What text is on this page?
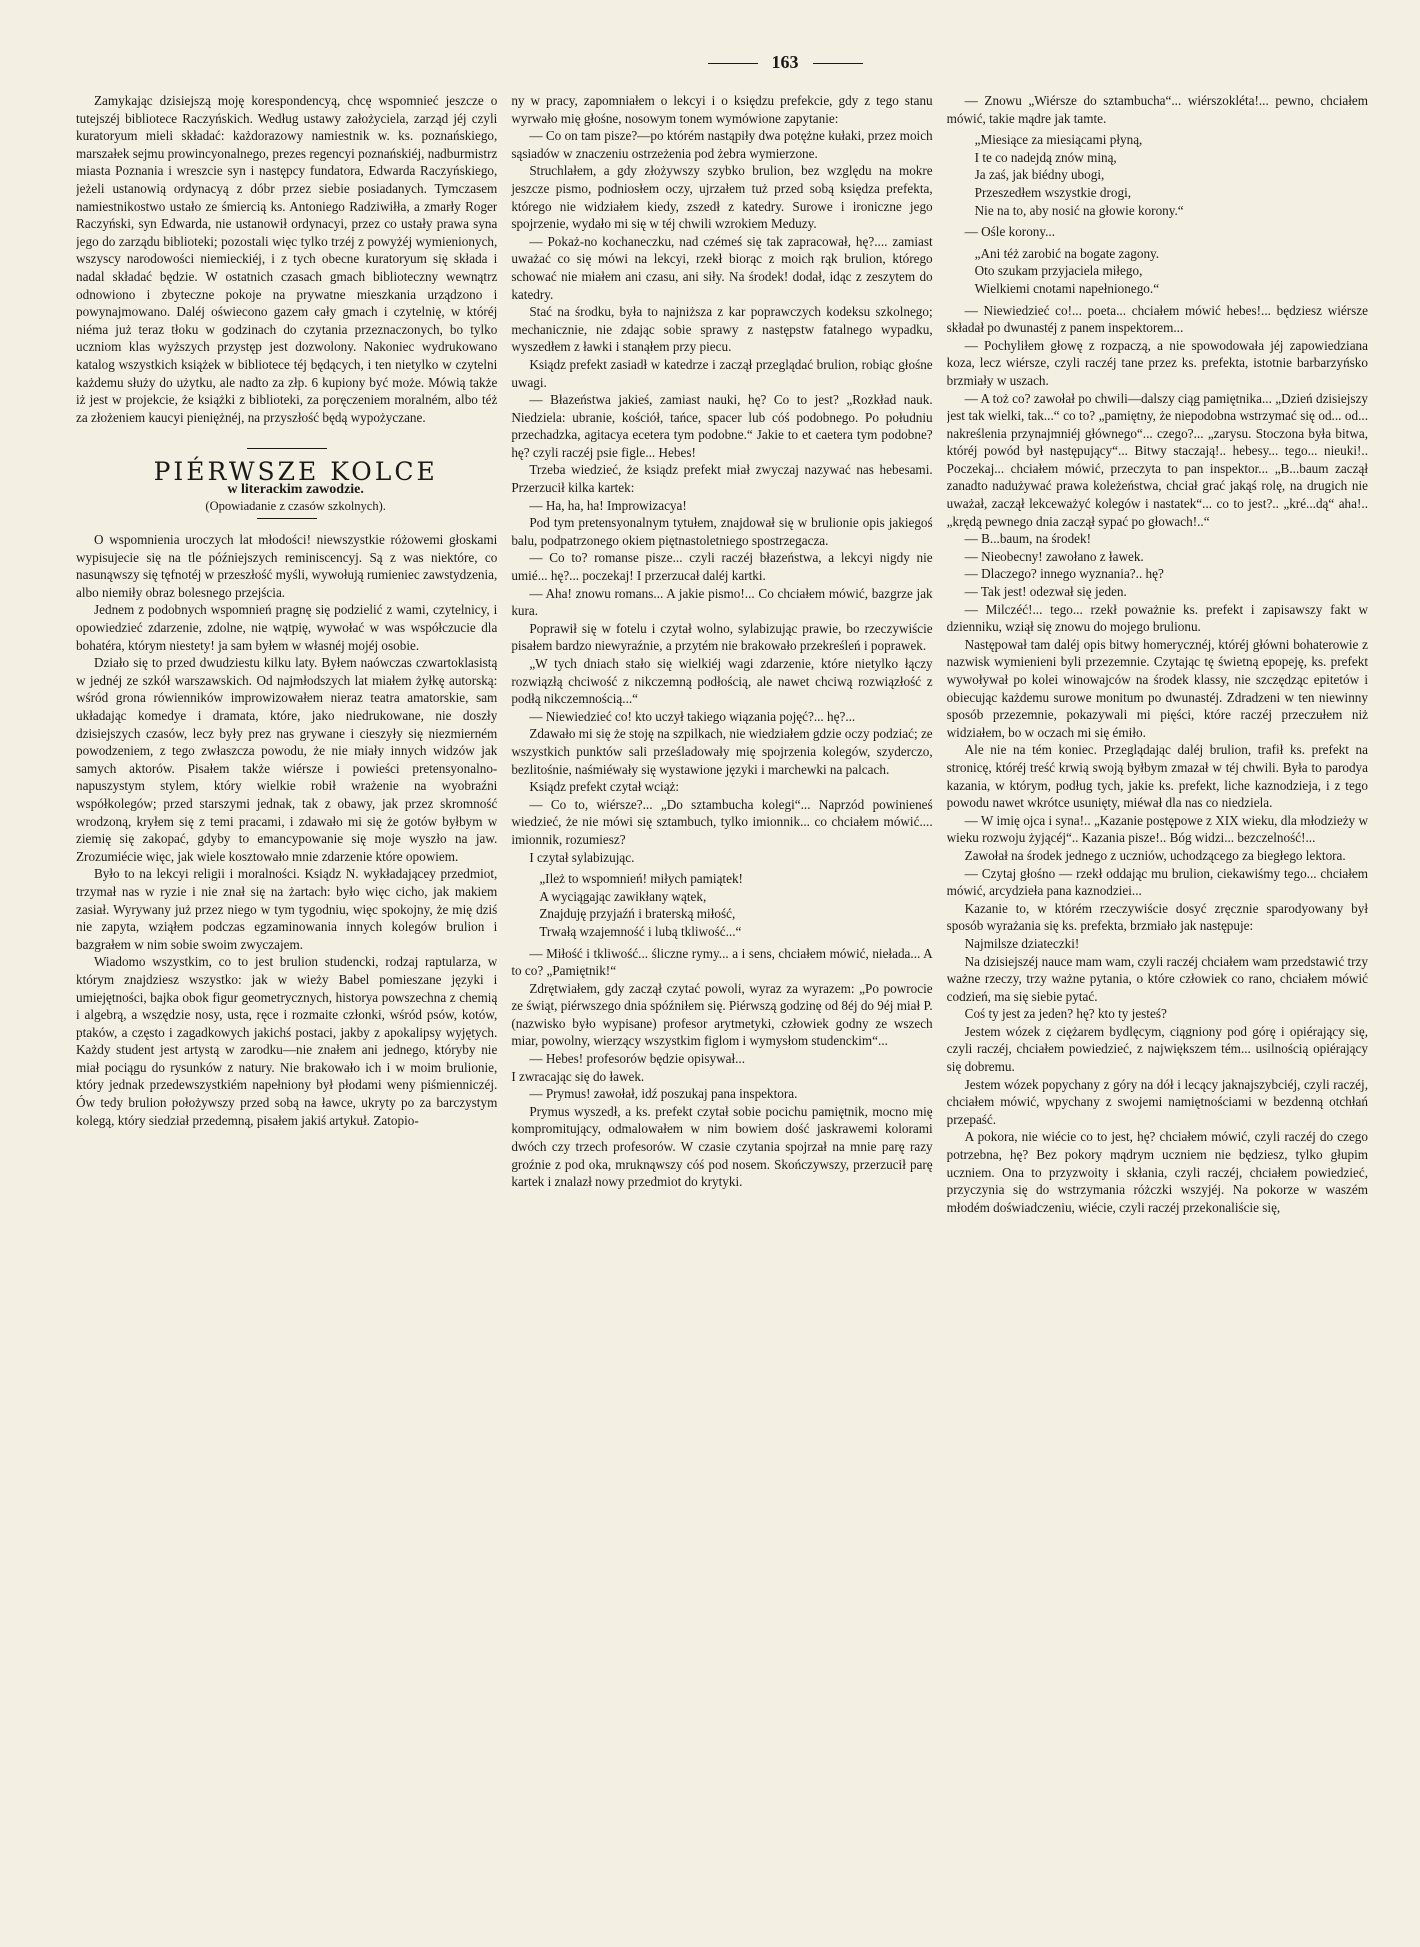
163

Zamykając dzisiejszą moję korespondencyą, chcę wspomnieć jeszcze o tutejszéj bibliotece Raczyńskich. Według ustawy założyciela, zarząd jéj czyli kuratoryum mieli składać: każdorazowy namiestnik w. ks. poznańskiego, marszałek sejmu prowincyonalnego, prezes regencyi poznańskiéj, nadburmistrz miasta Poznania i wreszcie syn i następcy fundatora, Edwarda Raczyńskiego, jeżeli ustanowią ordynacyą z dóbr przez siebie posiadanych. Tymczasem namiestnikostwo ustało ze śmiercią ks. Antoniego Radziwiłła, a zmarły Roger Raczyński, syn Edwarda, nie ustanowił ordynacyi, przez co ustały prawa syna jego do zarządu biblioteki; pozostali więc tylko trzéj z powyżéj wymienionych, wszyscy narodowości niemieckiéj, i z tych obecne kuratoryum się składa i nadal składać będzie. W ostatnich czasach gmach biblioteczny wewnątrz odnowiono i zbyteczne pokoje na prywatne mieszkania urządzono i powynajmowano. Daléj oświecono gazem cały gmach i czytelnię, w któréj niéma już teraz tłoku w godzinach do czytania przeznaczonych, bo tylko uczniom klas wyższych przystęp jest dozwolony. Nakoniec wydrukowano katalog wszystkich książek w bibliotece téj będących, i ten nietylko w czytelni każdemu służy do użytku, ale nadto za złp. 6 kupiony być może. Mówią także iż jest w projekcie, że książki z biblioteki, za poręczeniem moralném, albo téż za złożeniem kaucyi pieniężnéj, na przyszłość będą wypożyczane.

PIÉRWSZE KOLCE

w literackim zawodzie.

(Opowiadanie z czasów szkolnych).

O wspomnienia uroczych lat młodości! niewszystkie różowemi głoskami wypisujecie się na tle późniejszych reminiscencyj. Są z was niektóre, co nasunąwszy się tęfnotéj w przeszłość myśli, wywołują rumieniec zawstydzenia, albo niemiły obraz bolesnego przejścia.

Jednem z podobnych wspomnień pragnę się podzielić z wami, czytelnicy, i opowiedzieć zdarzenie, zdolne, nie wątpię, wywołać w was współczucie dla bohatéra, którym niestety! ja sam byłem w własnéj mojéj osobie.

Działo się to przed dwudziestu kilku laty. Byłem naówczas czwartoklasistą w jednéj ze szkół warszawskich. Od najmłodszych lat miałem żyłkę autorską: wśród grona rówienników improwizowałem nieraz teatra amatorskie, sam układając komedye i dramata, które, jako niedrukowane, nie doszły dzisiejszych czasów, lecz były prez nas grywane i cieszyły się niezmierném powodzeniem, z tego zwłaszcza powodu, że nie miały innych widzów jak samych aktorów. Pisałem także wiérsze i powieści pretensyonalno-napuszystym stylem, który wielkie robił wrażenie na wyobraźni współkolegów; przed starszymi jednak, tak z obawy, jak przez skromność wrodzoną, kryłem się z temi pracami, i zdawało mi się że gotów byłbym w ziemię się zakopać, gdyby to emancypowanie się moje wyszło na jaw. Zrozumiécie więc, jak wiele kosztowało mnie zdarzenie które opowiem.

Było to na lekcyi religii i moralności. Ksiądz N. wykładającey przedmiot, trzymał nas w ryzie i nie znał się na żartach: było więc cicho, jak makiem zasiał. Wyrywany już przez niego w tym tygodniu, więc spokojny, że mię dziś nie zapyta, wziąłem podczas egzaminowania innych kolegów brulion i bazgrałem w nim sobie swoim zwyczajem.

Wiadomo wszystkim, co to jest brulion studencki, rodzaj raptularza, w którym znajdziesz wszystko: jak w wieży Babel pomieszane języki i umiejętności, bajka obok figur geometrycznych, historya powszechna z chemią i algebrą, a wszędzie nosy, usta, ręce i rozmaite członki, wśród psów, kotów, ptaków, a często i zagadkowych jakichś postaci, jakby z apokalipsy wyjętych. Każdy student jest artystą w zarodku—nie znałem ani jednego, któryby nie miał pociągu do rysunków z natury. Nie brakowało ich i w moim brulionie, który jednak przedewszystkiém napełniony był płodami weny piśmienniczéj. Ów tedy brulion położywszy przed sobą na ławce, ukryty po za barczystym kolegą, który siedział przedemną, pisałem jakiś artykuł. Zatopio-

ny w pracy, zapomniałem o lekcyi i o księdzu prefekcie, gdy z tego stanu wyrwało mię głośne, nosowym tonem wymówione zapytanie:

— Co on tam pisze?—po którém nastąpiły dwa potężne kułaki, przez moich sąsiadów w znaczeniu ostrzeżenia pod żebra wymierzone.

Struchlałem, a gdy złożywszy szybko brulion, bez względu na mokre jeszcze pismo, podniosłem oczy, ujrzałem tuż przed sobą księdza prefekta, którego nie widziałem kiedy, zszedł z katedry. Surowe i ironiczne jego spojrzenie, wydało mi się w téj chwili wzrokiem Meduzy.

— Pokaż-no kochaneczku, nad czémeś się tak zapracował, hę?.... zamiast uważać co się mówi na lekcyi, rzekł biorąc z moich rąk brulion, którego schować nie miałem ani czasu, ani siły. Na środek! dodał, idąc z zeszytem do katedry.

Stać na środku, była to najniższa z kar poprawczych kodeksu szkolnego; mechanicznie, nie zdając sobie sprawy z następstw fatalnego wypadku, wyszedłem z ławki i stanąłem przy piecu.

Ksiądz prefekt zasiadł w katedrze i zaczął przeglądać brulion, robiąc głośne uwagi.

— Błazeństwa jakieś, zamiast nauki, hę? Co to jest? „Rozkład nauk. Niedziela: ubranie, kościół, tańce, spacer lub cóś podobnego. Po południu przechadzka, agitacya ecetera tym podobne.“ Jakie to et caetera tym podobne? hę? czyli raczéj psie figle... Hebes!

Trzeba wiedzieć, że ksiądz prefekt miał zwyczaj nazywać nas hebesami. Przerzucił kilka kartek:

— Ha, ha, ha! Improwizacya!

Pod tym pretensyonalnym tytułem, znajdował się w brulionie opis jakiegoś balu, podpatrzonego okiem piętnastoletniego spostrzegacza.

— Co to? romanse pisze... czyli raczéj błazeństwa, a lekcyi nigdy nie umié... hę?... poczekaj! I przerzucał daléj kartki.

— Aha! znowu romans... A jakie pismo!... Co chciałem mówić, bazgrze jak kura.

Poprawił się w fotelu i czytał wolno, sylabizując prawie, bo rzeczywiście pisałem bardzo niewyraźnie, a przytém nie brakowało przekreśleń i poprawek.

„W tych dniach stało się wielkiéj wagi zdarzenie, które nietylko łączy rozwiązłą chciwość z nikczemną podłością, ale nawet chciwą rozwiązłość z podłą nikczemnością...“

— Niewiedzieć co! kto uczył takiego wiązania pojęć?... hę?...

Zdawało mi się że stoję na szpilkach, nie wiedziałem gdzie oczy podziać; ze wszystkich punktów sali prześladowały mię spojrzenia kolegów, szyderczo, bezlitośnie, naśmiéwały się wystawione języki i marchewki na palcach.

Ksiądz prefekt czytał wciąż:

— Co to, wiérsze?... „Do sztambucha kolegi“... Naprzód powinieneś wiedzieć, że nie mówi się sztambuch, tylko imionnik... co chciałem mówić.... imionnik, rozumiesz?

I czytał sylabizując.

„Ileż to wspomnień! miłych pamiątek!
A wyciągając zawikłany wątek,
Znajduję przyjaźń i braterską miłość,
Trwałą wzajemność i lubą tkliwość...“

— Miłość i tkliwość... śliczne rymy... a i sens, chciałem mówić, niełada... A to co? „Pamiętnik!“

Zdrętwiałem, gdy zaczął czytać powoli, wyraz za wyrazem: „Po powrocie ze świąt, piérwszego dnia spóźniłem się. Piérwszą godzinę od 8éj do 9éj miał P. (nazwisko było wypisane) profesor arytmetyki, człowiek godny ze wszech miar, powolny, wierzący wszystkim figlom i wymysłom studenckim“...

— Hebes! profesorów będzie opisywał...

I zwracając się do ławek.

— Prymus! zawołał, idź poszukaj pana inspektora.

Prymus wyszedł, a ks. prefekt czytał sobie pocichu pamiętnik, mocno mię kompromitujący, odmalowałem w nim bowiem dość jaskrawemi kolorami dwóch czy trzech profesorów. W czasie czytania spojrzał na mnie parę razy groźnie z pod oka, mruknąwszy cóś pod nosem. Skończywszy, przerzucił parę kartek i znalazł nowy przedmiot do krytyki.

— Znowu „Wiérsze do sztambucha“... wiérszokléta!... pewno, chciałem mówić, takie mądre jak tamte.

„Miesiące za miesiącami płyną,
I te co nadejdą znów miną,
Ja zaś, jak biédny ubogi,
Przeszedłem wszystkie drogi,
Nie na to, aby nosić na głowie korony.“

— Ośle korony...

„Ani téż zarobić na bogate zagony.
Oto szukam przyjaciela miłego,
Wielkiemi cnotami napełnionego.“

— Niewiedzieć co!... poeta... chciałem mówić hebes!... będziesz wiérsze składał po dwunastéj z panem inspektorem...

— Pochyliłem głowę z rozpaczą, a nie spowodowała jéj zapowiedziana koza, lecz wiérsze, czyli raczéj tane przez ks. prefekta, istotnie barbarzyńsko brzmiały w uszach.

— A toż co? zawołał po chwili—dalszy ciąg pamiętnika... „Dzień dzisiejszy jest tak wielki, tak...“ co to? „pamiętny, że niepodobna wstrzymać się od... od... nakreślenia przynajmniéj głównego“... czego?... „zarysu. Stoczona była bitwa, któréj powód był następujący“... Bitwy staczają!.. hebesy... tego... nieuki!.. Poczekaj... chciałem mówić, przeczyta to pan inspektor... „B...baum zaczął zanadto nadużywać prawa koleżeństwa, chciał grać jakąś rolę, na drugich nie uważał, zaczął lekceważyć kolegów i nastatek“... co to jest?.. „kré...dą“ aha!.. „krędą pewnego dnia zaczął sypać po głowach!..“

— B...baum, na środek!

— Nieobecny! zawołano z ławek.

— Dlaczego? innego wyznania?.. hę?

— Tak jest! odezwał się jeden.

— Milczéć!... tego... rzekł poważnie ks. prefekt i zapisawszy fakt w dzienniku, wziął się znowu do mojego brulionu.

Następował tam daléj opis bitwy homerycznéj, któréj główni bohaterowie z nazwisk wymienieni byli przezemnie. Czytając tę świetną epopeję, ks. prefekt wywoływał po kolei winowajców na środek klassy, nie szczędząc epitetów i obiecując każdemu surowe monitum po dwunastéj. Zdradzeni w ten niewinny sposób przezemnie, pokazywali mi pięści, które raczéj przeczułem niż widziałem, bo w oczach mi się émiło.

Ale nie na tém koniec. Przeglądając daléj brulion, trafił ks. prefekt na stronicę, któréj treść krwią swoją byłbym zmazał w téj chwili. Była to parodya kazania, w którym, podług tych, jakie ks. prefekt, liche kaznodzieja, i z tego powodu nawet wkrótce usunięty, miéwał dla nas co niedziela.

— W imię ojca i syna!.. „Kazanie postępowe z XIX wieku, dla młodzieży w wieku rozwoju żyjącéj“.. Kazania pisze!.. Bóg widzi... bezczelność!...

Zawołał na środek jednego z uczniów, uchodzącego za biegłego lektora.

— Czytaj głośno — rzekł oddając mu brulion, ciekawiśmy tego... chciałem mówić, arcydzieła pana kaznodziei...

Kazanie to, w którém rzeczywiście dosyć zręcznie sparodyowany był sposób wyrażania się ks. prefekta, brzmiało jak następuje:

Najmilsze dziateczki!

Na dzisiejszéj nauce mam wam, czyli raczéj chciałem wam przedstawić trzy ważne rzeczy, trzy ważne pytania, o które człowiek co rano, chciałem mówić codzień, ma się siebie pytać.

Coś ty jest za jeden? hę? kto ty jesteś?

Jestem wózek z ciężarem bydlęcym, ciągniony pod górę i opiérający się, czyli raczéj, chciałem powiedzieć, z największem tém... usilnością opiérający się dobremu.

Jestem wózek popychany z góry na dół i lecący jaknajszybciéj, czyli raczéj, chciałem mówić, wpychany z swojemi namiętnościami w bezdenną otchłań przepaść.

A pokora, nie wiécie co to jest, hę? chciałem mówić, czyli raczéj do czego potrzebna, hę? Bez pokory mądrym uczniem nie będziesz, tylko głupim uczniem. Ona to przyzwoity i skłania, czyli raczéj, chciałem powiedzieć, przyczynia się do wstrzymania różczki wszyjéj. Na pokorze w waszém młodém doświadczeniu, wiécie, czyli raczéj przekonaliście się,
